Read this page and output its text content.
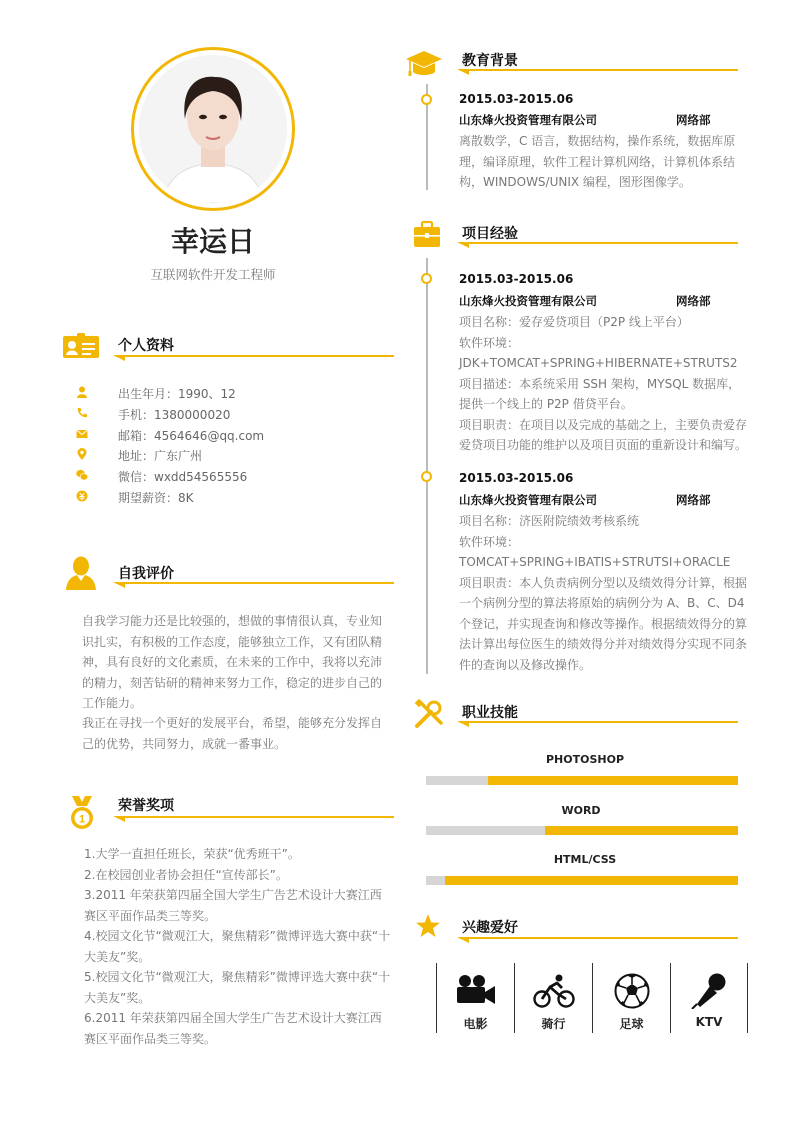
幸运日
互联网软件开发工程师
个人资料
出生年月：1990、12
手机：1380000020
邮箱：4564646@qq.com
地址：广东广州
微信：wxdd54565556
期望薪资：8K
自我评价
自我学习能力还是比较强的，想做的事情很认真，专业知识扎实，有积极的工作态度，能够独立工作，又有团队精神，具有良好的文化素质，在未来的工作中，我将以充沛的精力，刻苦钻研的精神来努力工作，稳定的进步自己的工作能力。
我正在寻找一个更好的发展平台，希望，能够充分发挥自己的优势，共同努力，成就一番事业。
1
荣誉奖项
1.大学一直担任班长，荣获“优秀班干”。
2.在校园创业者协会担任“宣传部长”。
3.2011 年荣获第四届全国大学生广告艺术设计大赛江西赛区平面作品类三等奖。
4.校园文化节“微观江大，聚焦精彩”微博评选大赛中获“十大美友”奖。
5.校园文化节“微观江大，聚焦精彩”微博评选大赛中获“十大美友”奖。
6.2011 年荣获第四届全国大学生广告艺术设计大赛江西赛区平面作品类三等奖。
教育背景
2015.03-2015.06
山东烽火投资管理有限公司	网络部
离散数学，C 语言，数据结构，操作系统，数据库原理，编译原理，软件工程计算机网络，计算机体系结构，WINDOWS/UNIX 编程，图形图像学。
项目经验
2015.03-2015.06
山东烽火投资管理有限公司	网络部
项目名称：爱存爱贷项目（P2P 线上平台）
软件环境：
JDK+TOMCAT+SPRING+HIBERNATE+STRUTS2
项目描述：本系统采用 SSH 架构，MYSQL 数据库，提供一个线上的 P2P 借贷平台。
项目职责：在项目以及完成的基础之上，主要负责爱存爱贷项目功能的维护以及项目页面的重新设计和编写。
2015.03-2015.06
山东烽火投资管理有限公司	网络部
项目名称：济医附院绩效考核系统
软件环境：
TOMCAT+SPRING+IBATIS+STRUTSI+ORACLE
项目职责：本人负责病例分型以及绩效得分计算，根据一个病例分型的算法将原始的病例分为 A、B、C、D4 个登记，并实现查询和修改等操作。根据绩效得分的算法计算出每位医生的绩效得分并对绩效得分实现不同条件的查询以及修改操作。
职业技能
PHOTOSHOP
WORD
HTML/CSS
兴趣爱好
电影	骑行	足球	KTV
